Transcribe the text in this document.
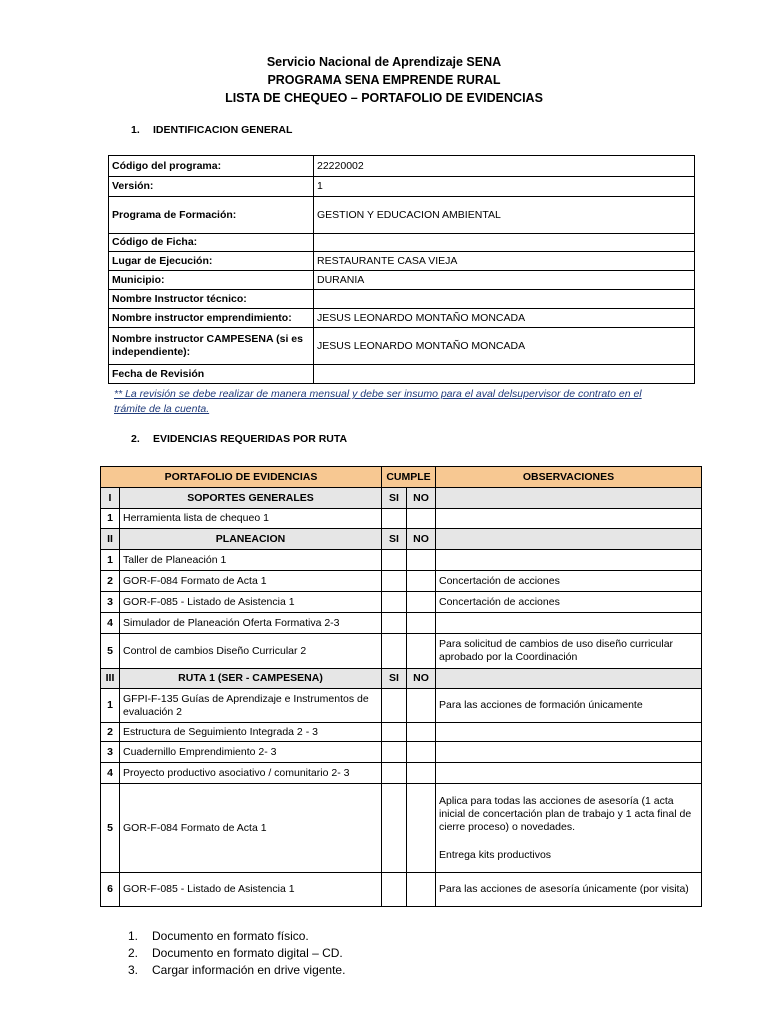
Servicio Nacional de Aprendizaje SENA
PROGRAMA SENA EMPRENDE RURAL
LISTA DE CHEQUEO – PORTAFOLIO DE EVIDENCIAS
1. IDENTIFICACION GENERAL
Código del programa:	22220002
Versión:	1
Programa de Formación:	GESTION Y EDUCACION AMBIENTAL
Código de Ficha:	
Lugar de Ejecución:	RESTAURANTE CASA VIEJA
Municipio:	DURANIA
Nombre Instructor técnico:	
Nombre instructor emprendimiento:	JESUS LEONARDO MONTAÑO MONCADA
Nombre instructor CAMPESENA (si es independiente):	JESUS LEONARDO MONTAÑO MONCADA
Fecha de Revisión	
** La revisión se debe realizar de manera mensual y debe ser insumo para el aval delsupervisor de contrato en el trámite de la cuenta.
2. EVIDENCIAS REQUERIDAS POR RUTA
PORTAFOLIO DE EVIDENCIAS		CUMPLE		OBSERVACIONES
I	SOPORTES GENERALES	SI	NO	
1	Herramienta lista de chequeo 1			
II	PLANEACION	SI	NO	
1	Taller de Planeación 1			
2	GOR-F-084 Formato de Acta 1			Concertación de acciones
3	GOR-F-085 - Listado de Asistencia 1			Concertación de acciones
4	Simulador de Planeación Oferta Formativa 2-3			
5	Control de cambios Diseño Curricular 2			Para solicitud de cambios de uso diseño curricular aprobado por la Coordinación
III	RUTA 1 (SER - CAMPESENA)	SI	NO	
1	GFPI-F-135 Guías de Aprendizaje e Instrumentos de evaluación 2			Para las acciones de formación únicamente
2	Estructura de Seguimiento Integrada 2 - 3			
3	Cuadernillo Emprendimiento 2- 3			
4	Proyecto productivo asociativo / comunitario 2- 3			
5	GOR-F-084 Formato de Acta 1			Aplica para todas las acciones de asesoría (1 acta inicial de concertación plan de trabajo y 1 acta final de cierre proceso) o novedades.
Entrega kits productivos

6	GOR-F-085 - Listado de Asistencia 1			Para las acciones de asesoría únicamente (por visita)
1. Documento en formato físico.
2. Documento en formato digital – CD.
3. Cargar información en drive vigente.
